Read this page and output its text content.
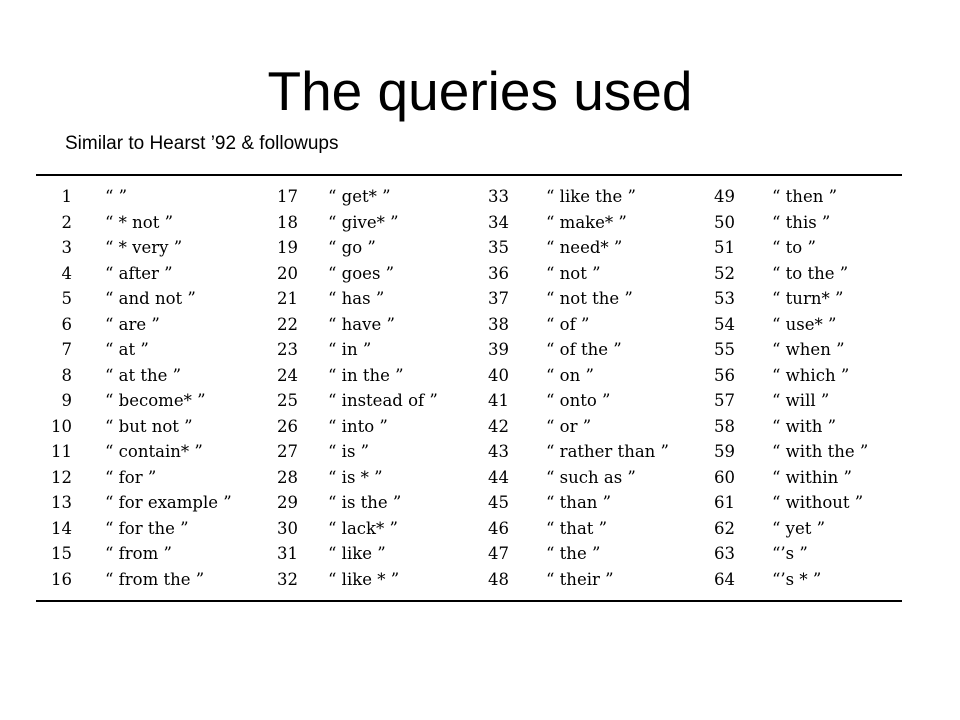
The queries used
Similar to Hearst ’92 & followups
1 “ ”
2 “ * not ”
3 “ * very ”
4 “ after ”
5 “ and not ”
6 “ are ”
7 “ at ”
8 “ at the ”
9 “ become* ”
10 “ but not ”
11 “ contain* ”
12 “ for ”
13 “ for example ”
14 “ for the ”
15 “ from ”
16 “ from the ”
17 “ get* ”
18 “ give* ”
19 “ go ”
20 “ goes ”
21 “ has ”
22 “ have ”
23 “ in ”
24 “ in the ”
25 “ instead of ”
26 “ into ”
27 “ is ”
28 “ is * ”
29 “ is the ”
30 “ lack* ”
31 “ like ”
32 “ like * ”
33 “ like the ”
34 “ make* ”
35 “ need* ”
36 “ not ”
37 “ not the ”
38 “ of ”
39 “ of the ”
40 “ on ”
41 “ onto ”
42 “ or ”
43 “ rather than ”
44 “ such as ”
45 “ than ”
46 “ that ”
47 “ the ”
48 “ their ”
49 “ then ”
50 “ this ”
51 “ to ”
52 “ to the ”
53 “ turn* ”
54 “ use* ”
55 “ when ”
56 “ which ”
57 “ will ”
58 “ with ”
59 “ with the ”
60 “ within ”
61 “ without ”
62 “ yet ”
63 “’s ”
64 “’s * ”
